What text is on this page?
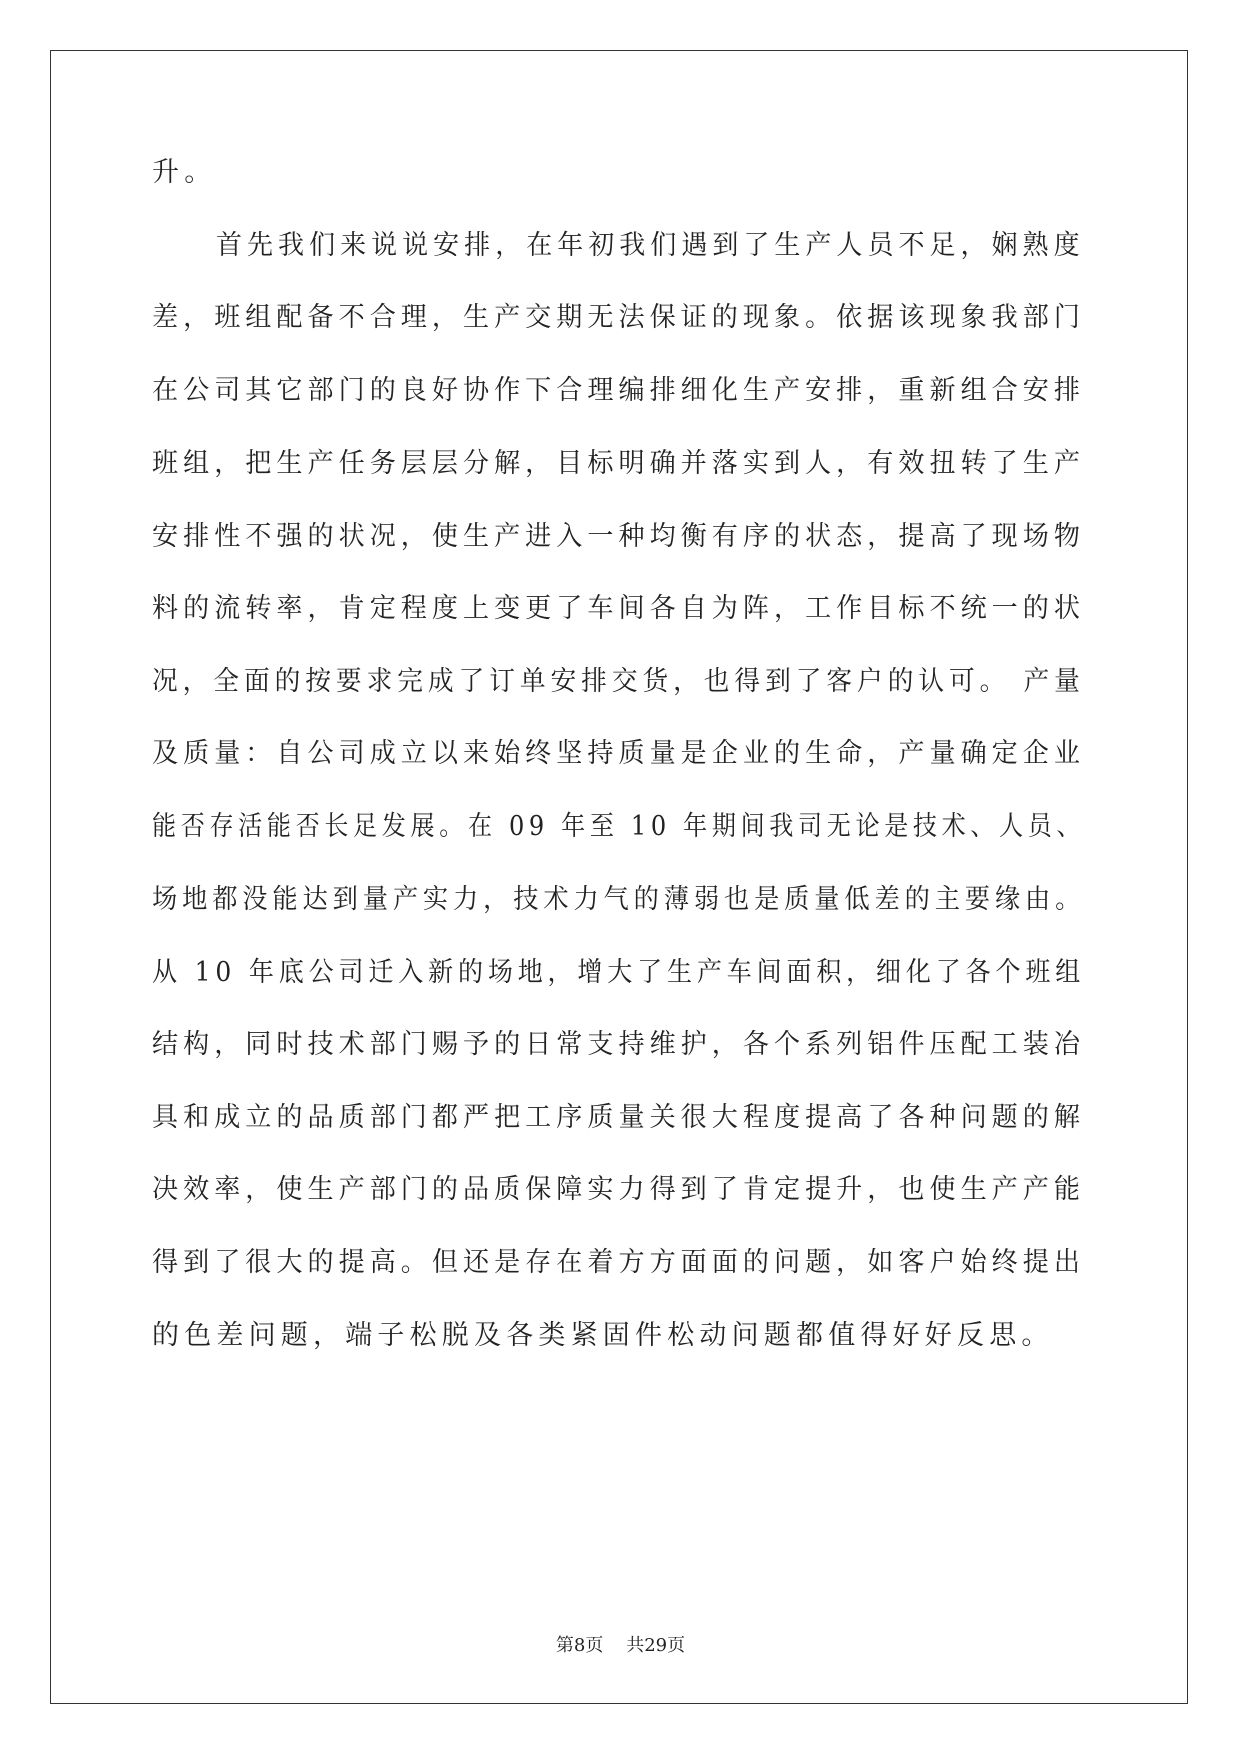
升。
首先我们来说说安排，在年初我们遇到了生产人员不足，娴熟度
差，班组配备不合理，生产交期无法保证的现象。依据该现象我部门
在公司其它部门的良好协作下合理编排细化生产安排，重新组合安排
班组，把生产任务层层分解，目标明确并落实到人，有效扭转了生产
安排性不强的状况，使生产进入一种均衡有序的状态，提高了现场物
料的流转率，肯定程度上变更了车间各自为阵，工作目标不统一的状
况，全面的按要求完成了订单安排交货，也得到了客户的认可。 产量
及质量：自公司成立以来始终坚持质量是企业的生命，产量确定企业
能否存活能否长足发展。在 09 年至 10 年期间我司无论是技术、人员、
场地都没能达到量产实力，技术力气的薄弱也是质量低差的主要缘由。
从 10 年底公司迁入新的场地，增大了生产车间面积，细化了各个班组
结构，同时技术部门赐予的日常支持维护，各个系列铝件压配工装冶
具和成立的品质部门都严把工序质量关很大程度提高了各种问题的解
决效率，使生产部门的品质保障实力得到了肯定提升，也使生产产能
得到了很大的提高。但还是存在着方方面面的问题，如客户始终提出
的色差问题，端子松脱及各类紧固件松动问题都值得好好反思。
第8页 共29页
